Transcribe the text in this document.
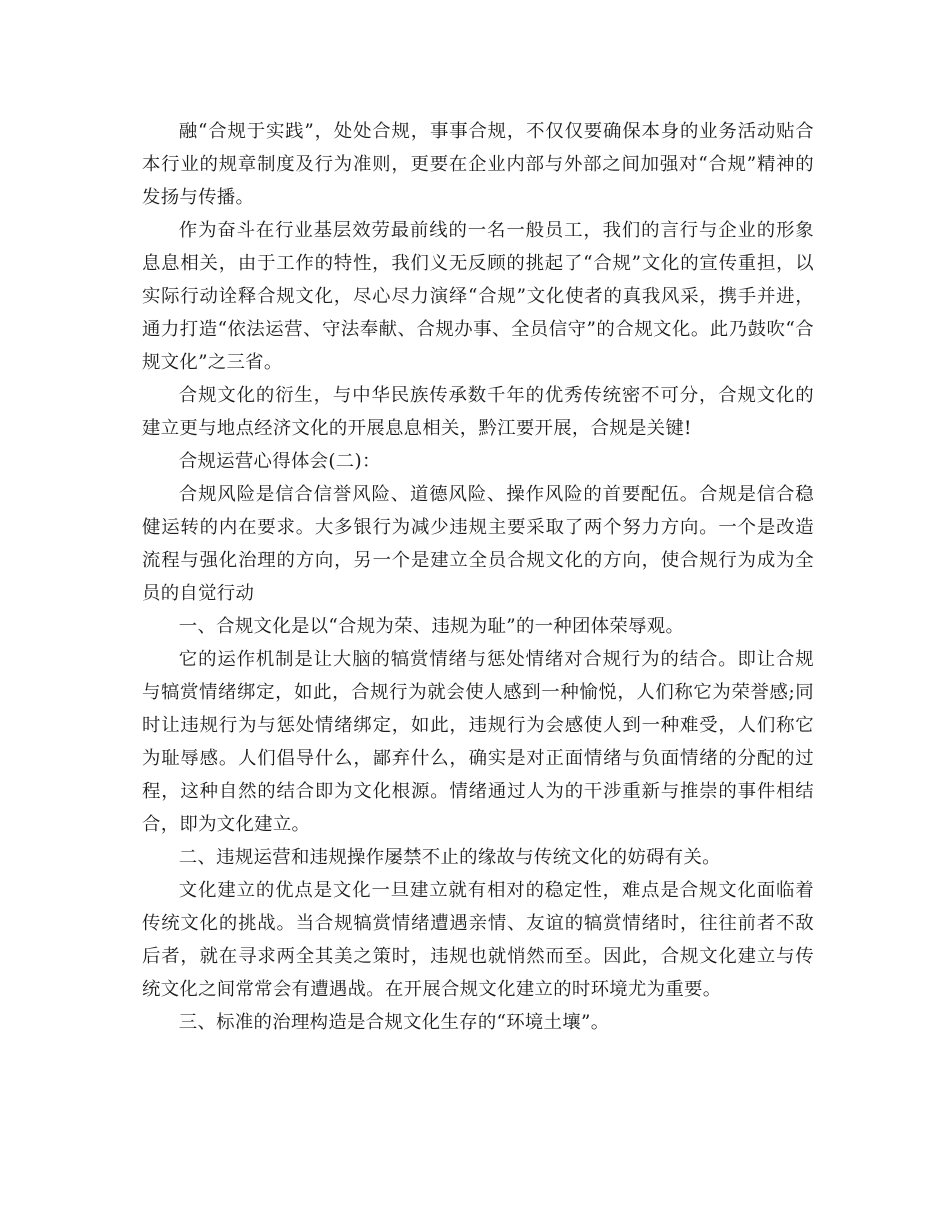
融“合规于实践”，处处合规，事事合规，不仅仅要确保本身的业务活动贴合本行业的规章制度及行为准则，更要在企业内部与外部之间加强对“合规”精神的发扬与传播。

作为奋斗在行业基层效劳最前线的一名一般员工，我们的言行与企业的形象息息相关，由于工作的特性，我们义无反顾的挑起了“合规”文化的宣传重担，以实际行动诠释合规文化，尽心尽力演绎“合规”文化使者的真我风采，携手并进，通力打造“依法运营、守法奉献、合规办事、全员信守”的合规文化。此乃鼓吹“合规文化”之三省。

合规文化的衍生，与中华民族传承数千年的优秀传统密不可分，合规文化的建立更与地点经济文化的开展息息相关，黔江要开展，合规是关键!

合规运营心得体会(二)：

合规风险是信合信誉风险、道德风险、操作风险的首要配伍。合规是信合稳健运转的内在要求。大多银行为减少违规主要采取了两个努力方向。一个是改造流程与强化治理的方向，另一个是建立全员合规文化的方向，使合规行为成为全员的自觉行动

一、合规文化是以“合规为荣、违规为耻”的一种团体荣辱观。

它的运作机制是让大脑的犒赏情绪与惩处情绪对合规行为的结合。即让合规与犒赏情绪绑定，如此，合规行为就会使人感到一种愉悦，人们称它为荣誉感;同时让违规行为与惩处情绪绑定，如此，违规行为会感使人到一种难受，人们称它为耻辱感。人们倡导什么，鄙弃什么，确实是对正面情绪与负面情绪的分配的过程，这种自然的结合即为文化根源。情绪通过人为的干涉重新与推崇的事件相结合，即为文化建立。

二、违规运营和违规操作屡禁不止的缘故与传统文化的妨碍有关。

文化建立的优点是文化一旦建立就有相对的稳定性，难点是合规文化面临着传统文化的挑战。当合规犒赏情绪遭遇亲情、友谊的犒赏情绪时，往往前者不敌后者，就在寻求两全其美之策时，违规也就悄然而至。因此，合规文化建立与传统文化之间常常会有遭遇战。在开展合规文化建立的时环境尤为重要。

三、标准的治理构造是合规文化生存的“环境土壤”。
